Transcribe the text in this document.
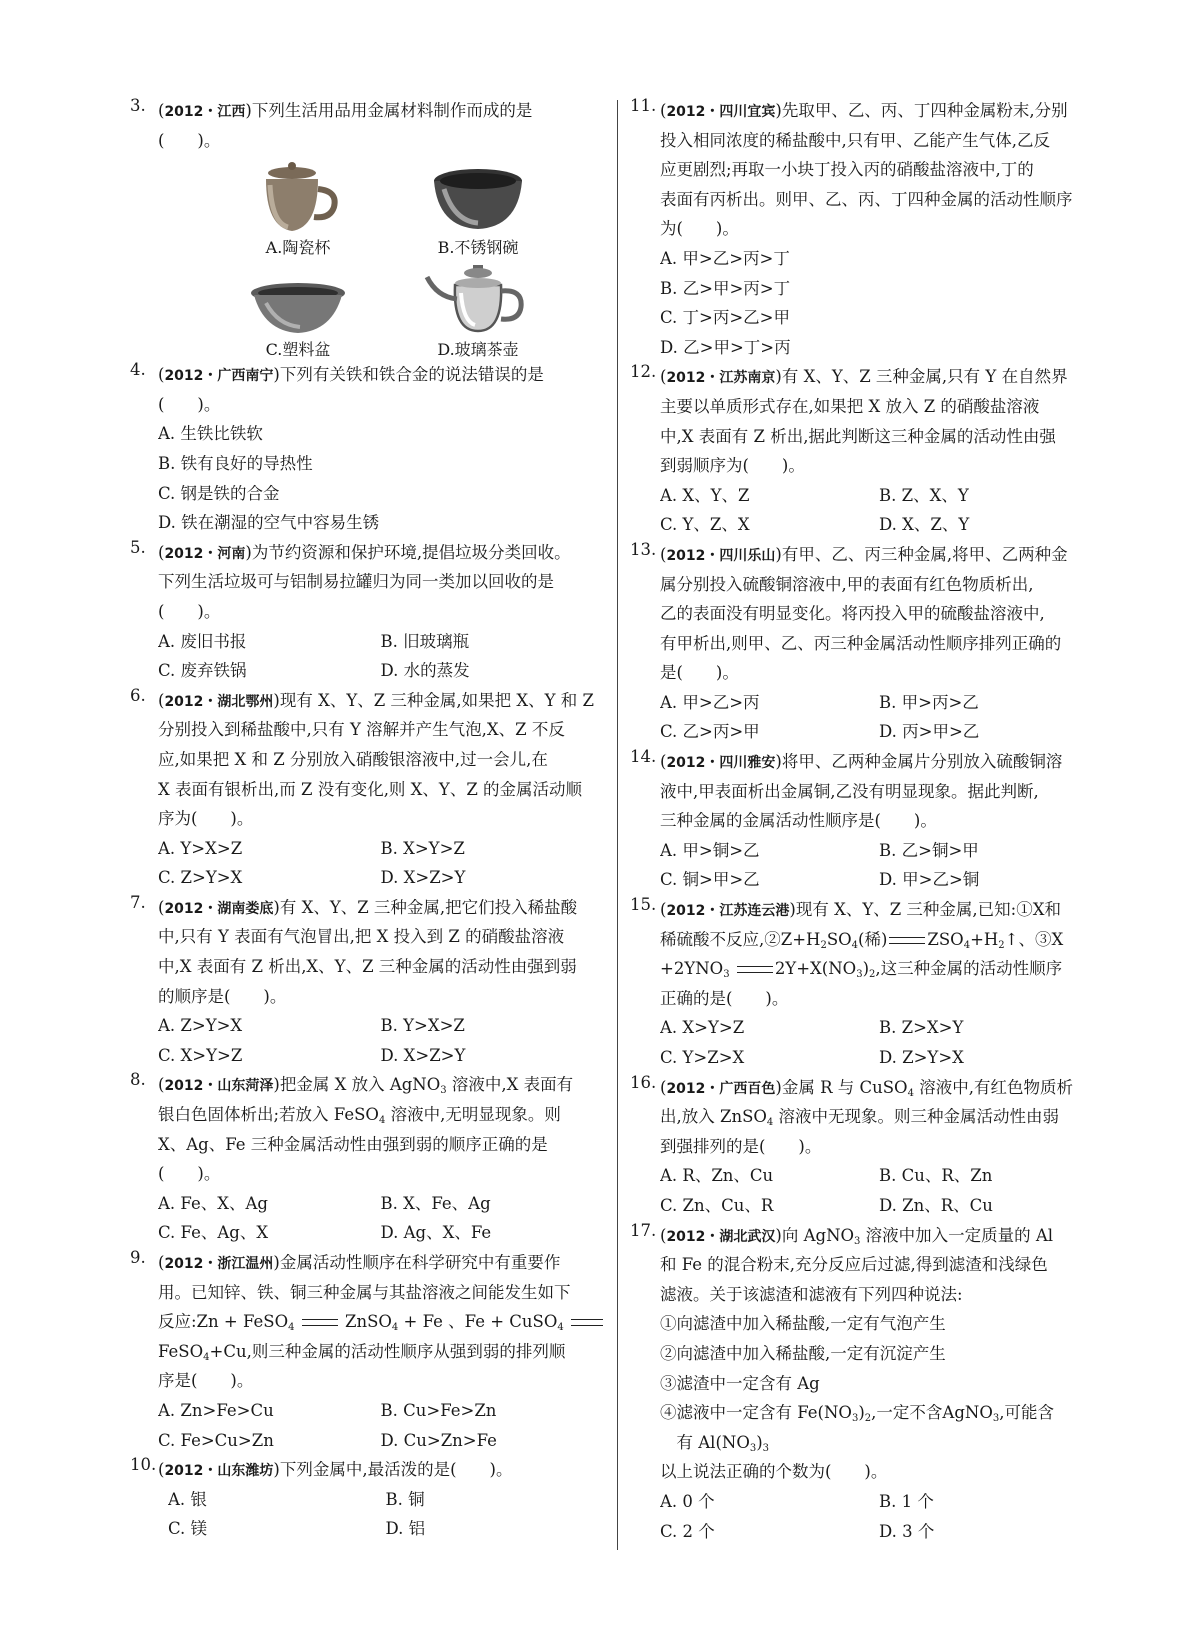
3. (2012・江西)下列生活用品用金属材料制作而成的是
(　　)。
A.陶瓷杯	B.不锈钢碗
C.塑料盆	D.玻璃茶壶
4. (2012・广西南宁)下列有关铁和铁合金的说法错误的是
(　　)。
A. 生铁比铁软
B. 铁有良好的导热性
C. 钢是铁的合金
D. 铁在潮湿的空气中容易生锈
5. (2012・河南)为节约资源和保护环境,提倡垃圾分类回收。
下列生活垃圾可与铝制易拉罐归为同一类加以回收的是
(　　)。
A. 废旧书报	B. 旧玻璃瓶
C. 废弃铁锅	D. 水的蒸发
6. (2012・湖北鄂州)现有 X、Y、Z 三种金属,如果把 X、Y 和 Z
分别投入到稀盐酸中,只有 Y 溶解并产生气泡,X、Z 不反
应,如果把 X 和 Z 分别放入硝酸银溶液中,过一会儿,在
X 表面有银析出,而 Z 没有变化,则 X、Y、Z 的金属活动顺
序为(　　)。
A. Y>X>Z	B. X>Y>Z
C. Z>Y>X	D. X>Z>Y
7. (2012・湖南娄底)有 X、Y、Z 三种金属,把它们投入稀盐酸
中,只有 Y 表面有气泡冒出,把 X 投入到 Z 的硝酸盐溶液
中,X 表面有 Z 析出,X、Y、Z 三种金属的活动性由强到弱
的顺序是(　　)。
A. Z>Y>X	B. Y>X>Z
C. X>Y>Z	D. X>Z>Y
8. (2012・山东菏泽)把金属 X 放入 AgNO$_3$ 溶液中,X 表面有
银白色固体析出;若放入 FeSO$_4$ 溶液中,无明显现象。则
X、Ag、Fe 三种金属活动性由强到弱的顺序正确的是
(　　)。
A. Fe、X、Ag	B. X、Fe、Ag
C. Fe、Ag、X	D. Ag、X、Fe
9. (2012・浙江温州)金属活动性顺序在科学研究中有重要作
用。已知锌、铁、铜三种金属与其盐溶液之间能发生如下
反应:Zn + FeSO$_4$	ZnSO$_4$ + Fe 、Fe + CuSO$_4$
FeSO$_4$+Cu,则三种金属的活动性顺序从强到弱的排列顺
序是(　　)。
A. Zn>Fe>Cu	B. Cu>Fe>Zn
C. Fe>Cu>Zn	D. Cu>Zn>Fe
10. (2012・山东潍坊)下列金属中,最活泼的是(　　)。
A. 银	B. 铜
C. 镁	D. 铝
11. (2012・四川宜宾)先取甲、乙、丙、丁四种金属粉末,分别
投入相同浓度的稀盐酸中,只有甲、乙能产生气体,乙反
应更剧烈;再取一小块丁投入丙的硝酸盐溶液中,丁的
表面有丙析出。则甲、乙、丙、丁四种金属的活动性顺序
为(　　)。
A. 甲>乙>丙>丁
B. 乙>甲>丙>丁
C. 丁>丙>乙>甲
D. 乙>甲>丁>丙
12. (2012・江苏南京)有 X、Y、Z 三种金属,只有 Y 在自然界
主要以单质形式存在,如果把 X 放入 Z 的硝酸盐溶液
中,X 表面有 Z 析出,据此判断这三种金属的活动性由强
到弱顺序为(　　)。
A. X、Y、Z	B. Z、X、Y
C. Y、Z、X	D. X、Z、Y
13. (2012・四川乐山)有甲、乙、丙三种金属,将甲、乙两种金
属分别投入硫酸铜溶液中,甲的表面有红色物质析出,
乙的表面没有明显变化。将丙投入甲的硫酸盐溶液中,
有甲析出,则甲、乙、丙三种金属活动性顺序排列正确的
是(　　)。
A. 甲>乙>丙	B. 甲>丙>乙
C. 乙>丙>甲	D. 丙>甲>乙
14. (2012・四川雅安)将甲、乙两种金属片分别放入硫酸铜溶
液中,甲表面析出金属铜,乙没有明显现象。据此判断,
三种金属的金属活动性顺序是(　　)。
A. 甲>铜>乙	B. 乙>铜>甲
C. 铜>甲>乙	D. 甲>乙>铜
15. (2012・江苏连云港)现有 X、Y、Z 三种金属,已知:①X和
稀硫酸不反应$,②Z+H_2SO_4$(稀) $ZSO_4+H_2↑$、③X
$+2YNO_3$	$2Y+X(NO_3)_2$,这三种金属的活动性顺序
正确的是(　　)。
A. X>Y>Z	B. Z>X>Y
C. Y>Z>X	D. Z>Y>X
16. (2012・广西百色)金属 R 与 CuSO$_4$ 溶液中,有红色物质析
出,放入 ZnSO$_4$ 溶液中无现象。则三种金属活动性由弱
到强排列的是(　　)。
A. R、Zn、Cu	B. Cu、R、Zn
C. Zn、Cu、R	D. Zn、R、Cu
17. (2012・湖北武汉)向 AgNO$_3$ 溶液中加入一定质量的 Al
和 Fe 的混合粉末,充分反应后过滤,得到滤渣和浅绿色
滤液。关于该滤渣和滤液有下列四种说法:
①向滤渣中加入稀盐酸,一定有气泡产生
②向滤渣中加入稀盐酸,一定有沉淀产生
③滤渣中一定含有 Ag
④滤液中一定含有 $Fe(NO_3)_2$,一定不含AgNO$_3$,可能含
　有 $Al(NO_3)_3$
以上说法正确的个数为(　　)。
A. 0 个	B. 1 个
C. 2 个	D. 3 个
